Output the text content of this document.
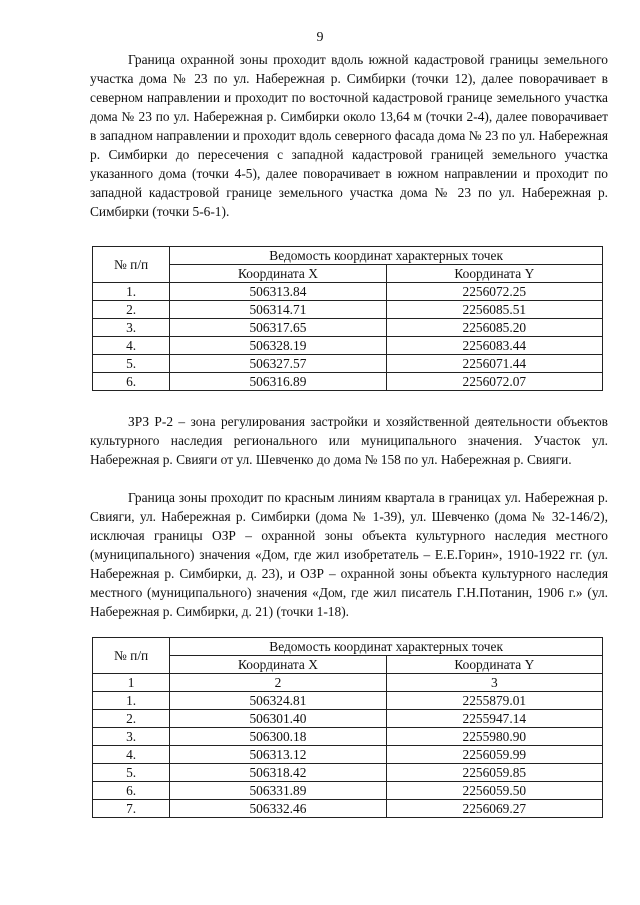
9

Граница охранной зоны проходит вдоль южной кадастровой границы земельного участка дома № 23 по ул. Набережная р. Симбирки (точки 12), далее поворачивает в северном направлении и проходит по восточной кадастровой границе земельного участка дома № 23 по ул. Набережная р. Симбирки около 13,64 м (точки 2-4), далее поворачивает в западном направлении и проходит вдоль северного фасада дома № 23 по ул. Набережная р. Симбирки до пересечения с западной кадастровой границей земельного участка указанного дома (точки 4-5), далее поворачивает в южном направлении и проходит по западной кадастровой границе земельного участка дома № 23 по ул. Набережная р. Симбирки (точки 5-6-1).

№ п/п	Ведомость координат характерных точек	
	Координата X	Координата Y
1.	506313.84	2256072.25
2.	506314.71	2256085.51
3.	506317.65	2256085.20
4.	506328.19	2256083.44
5.	506327.57	2256071.44
6.	506316.89	2256072.07

ЗРЗ Р-2 – зона регулирования застройки и хозяйственной деятельности объектов культурного наследия регионального или муниципального значения. Участок ул. Набережная р. Свияги от ул. Шевченко до дома № 158 по ул. Набережная р. Свияги.

Граница зоны проходит по красным линиям квартала в границах ул. Набережная р. Свияги, ул. Набережная р. Симбирки (дома № 1-39), ул. Шевченко (дома № 32-146/2), исключая границы ОЗР – охранной зоны объекта культурного наследия местного (муниципального) значения «Дом, где жил изобретатель – Е.Е.Горин», 1910-1922 гг. (ул. Набережная р. Симбирки, д. 23), и ОЗР – охранной зоны объекта культурного наследия местного (муниципального) значения «Дом, где жил писатель Г.Н.Потанин, 1906 г.» (ул. Набережная р. Симбирки, д. 21) (точки 1-18).

№ п/п	Ведомость координат характерных точек	
	Координата X	Координата Y
1	2	3
1.	506324.81	2255879.01
2.	506301.40	2255947.14
3.	506300.18	2255980.90
4.	506313.12	2256059.99
5.	506318.42	2256059.85
6.	506331.89	2256059.50
7.	506332.46	2256069.27
